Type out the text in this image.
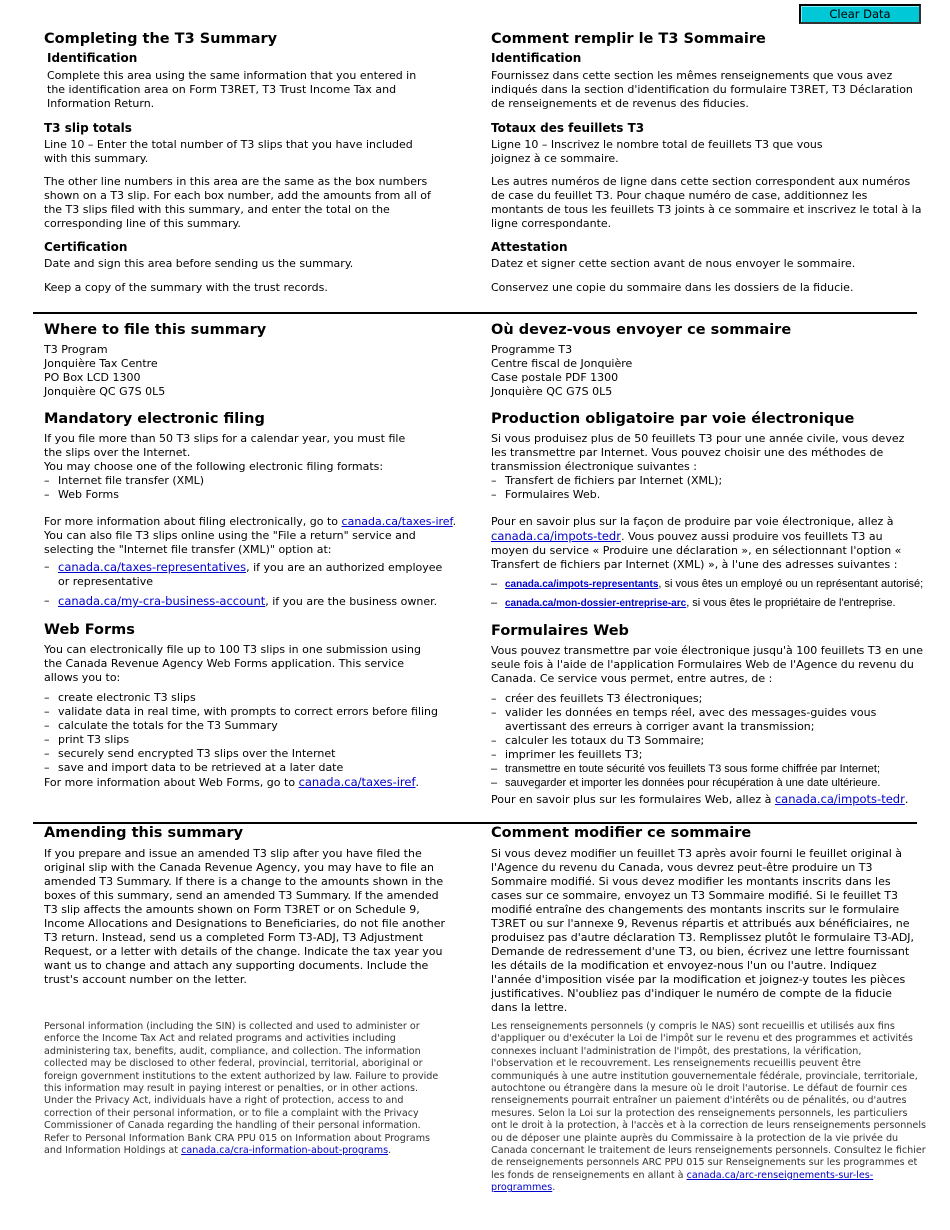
Clear Data
Completing the T3 Summary
Identification

Complete this area using the same information that you entered in the identification area on Form T3RET, T3 Trust Income Tax and Information Return.

T3 slip totals

Line 10 – Enter the total number of T3 slips that you have included with this summary.

The other line numbers in this area are the same as the box numbers shown on a T3 slip. For each box number, add the amounts from all of the T3 slips filed with this summary, and enter the total on the corresponding line of this summary.

Certification

Date and sign this area before sending us the summary.

Keep a copy of the summary with the trust records.

Comment remplir le T3 Sommaire
Identification

Fournissez dans cette section les mêmes renseignements que vous avez indiqués dans la section d'identification du formulaire T3RET, T3 Déclaration de renseignements et de revenus des fiducies.

Totaux des feuillets T3

Ligne 10 – Inscrivez le nombre total de feuillets T3 que vous joignez à ce sommaire.

Les autres numéros de ligne dans cette section correspondent aux numéros de case du feuillet T3. Pour chaque numéro de case, additionnez les montants de tous les feuillets T3 joints à ce sommaire et inscrivez le total à la ligne correspondante.

Attestation

Datez et signer cette section avant de nous envoyer le sommaire.

Conservez une copie du sommaire dans les dossiers de la fiducie.

Where to file this summary

T3 Program

Jonquière Tax Centre

PO Box LCD 1300

Jonquière QC G7S 0L5

Mandatory electronic filing

If you file more than 50 T3 slips for a calendar year, you must file the slips over the Internet.

You may choose one of the following electronic filing formats:

– Internet file transfer (XML)
– Web Forms

For more information about filing electronically, go to canada.ca/taxes-iref. You can also file T3 slips online using the "File a return" service and selecting the "Internet file transfer (XML)" option at:

– canada.ca/taxes-representatives, if you are an authorized employee or representative
– canada.ca/my-cra-business-account, if you are the business owner.
Web Forms

You can electronically file up to 100 T3 slips in one submission using the Canada Revenue Agency Web Forms application. This service allows you to:

– create electronic T3 slips
– validate data in real time, with prompts to correct errors before filing
– calculate the totals for the T3 Summary
– print T3 slips
– securely send encrypted T3 slips over the Internet
– save and import data to be retrieved at a later date

For more information about Web Forms, go to canada.ca/taxes-iref.

Où devez-vous envoyer ce sommaire

Programme T3

Centre fiscal de Jonquière

Case postale PDF 1300

Jonquière QC G7S 0L5

Production obligatoire par voie électronique

Si vous produisez plus de 50 feuillets T3 pour une année civile, vous devez les transmettre par Internet. Vous pouvez choisir une des méthodes de transmission électronique suivantes :

– Transfert de fichiers par Internet (XML);
– Formulaires Web.

Pour en savoir plus sur la façon de produire par voie électronique, allez à canada.ca/impots-tedr. Vous pouvez aussi produire vos feuillets T3 au moyen du service « Produire une déclaration », en sélectionnant l'option « Transfert de fichiers par Internet (XML) », à l'une des adresses suivantes :

– canada.ca/impots-representants, si vous êtes un employé ou un représentant autorisé;
– canada.ca/mon-dossier-entreprise-arc, si vous êtes le propriétaire de l'entreprise.
Formulaires Web

Vous pouvez transmettre par voie électronique jusqu'à 100 feuillets T3 en une seule fois à l'aide de l'application Formulaires Web de l'Agence du revenu du Canada. Ce service vous permet, entre autres, de :

– créer des feuillets T3 électroniques;
– valider les données en temps réel, avec des messages-guides vous avertissant des erreurs à corriger avant la transmission;
– calculer les totaux du T3 Sommaire;
– imprimer les feuillets T3;
– transmettre en toute sécurité vos feuillets T3 sous forme chiffrée par Internet;
– sauvegarder et importer les données pour récupération à une date ultérieure.

Pour en savoir plus sur les formulaires Web, allez à canada.ca/impots-tedr.

Amending this summary

If you prepare and issue an amended T3 slip after you have filed the original slip with the Canada Revenue Agency, you may have to file an amended T3 Summary. If there is a change to the amounts shown in the boxes of this summary, send an amended T3 Summary. If the amended T3 slip affects the amounts shown on Form T3RET or on Schedule 9, Income Allocations and Designations to Beneficiaries, do not file another T3 return. Instead, send us a completed Form T3-ADJ, T3 Adjustment Request, or a letter with details of the change. Indicate the tax year you want us to change and attach any supporting documents. Include the trust's account number on the letter.

Personal information (including the SIN) is collected and used to administer or enforce the Income Tax Act and related programs and activities including administering tax, benefits, audit, compliance, and collection. The information collected may be disclosed to other federal, provincial, territorial, aboriginal or foreign government institutions to the extent authorized by law. Failure to provide this information may result in paying interest or penalties, or in other actions. Under the Privacy Act, individuals have a right of protection, access to and correction of their personal information, or to file a complaint with the Privacy Commissioner of Canada regarding the handling of their personal information. Refer to Personal Information Bank CRA PPU 015 on Information about Programs and Information Holdings at canada.ca/cra-information-about-programs.

Comment modifier ce sommaire

Si vous devez modifier un feuillet T3 après avoir fourni le feuillet original à l'Agence du revenu du Canada, vous devrez peut-être produire un T3 Sommaire modifié. Si vous devez modifier les montants inscrits dans les cases sur ce sommaire, envoyez un T3 Sommaire modifié. Si le feuillet T3 modifié entraîne des changements des montants inscrits sur le formulaire T3RET ou sur l'annexe 9, Revenus répartis et attribués aux bénéficiaires, ne produisez pas d'autre déclaration T3. Remplissez plutôt le formulaire T3-ADJ, Demande de redressement d'une T3, ou bien, écrivez une lettre fournissant les détails de la modification et envoyez-nous l'un ou l'autre. Indiquez l'année d'imposition visée par la modification et joignez-y toutes les pièces justificatives. N'oubliez pas d'indiquer le numéro de compte de la fiducie dans la lettre.

Les renseignements personnels (y compris le NAS) sont recueillis et utilisés aux fins d'appliquer ou d'exécuter la Loi de l'impôt sur le revenu et des programmes et activités connexes incluant l'administration de l'impôt, des prestations, la vérification, l'observation et le recouvrement. Les renseignements recueillis peuvent être communiqués à une autre institution gouvernementale fédérale, provinciale, territoriale, autochtone ou étrangère dans la mesure où le droit l'autorise. Le défaut de fournir ces renseignements pourrait entraîner un paiement d'intérêts ou de pénalités, ou d'autres mesures. Selon la Loi sur la protection des renseignements personnels, les particuliers ont le droit à la protection, à l'accès et à la correction de leurs renseignements personnels ou de déposer une plainte auprès du Commissaire à la protection de la vie privée du Canada concernant le traitement de leurs renseignements personnels. Consultez le fichier de renseignements personnels ARC PPU 015 sur Renseignements sur les programmes et les fonds de renseignements en allant à canada.ca/arc-renseignements-sur-les-programmes.
